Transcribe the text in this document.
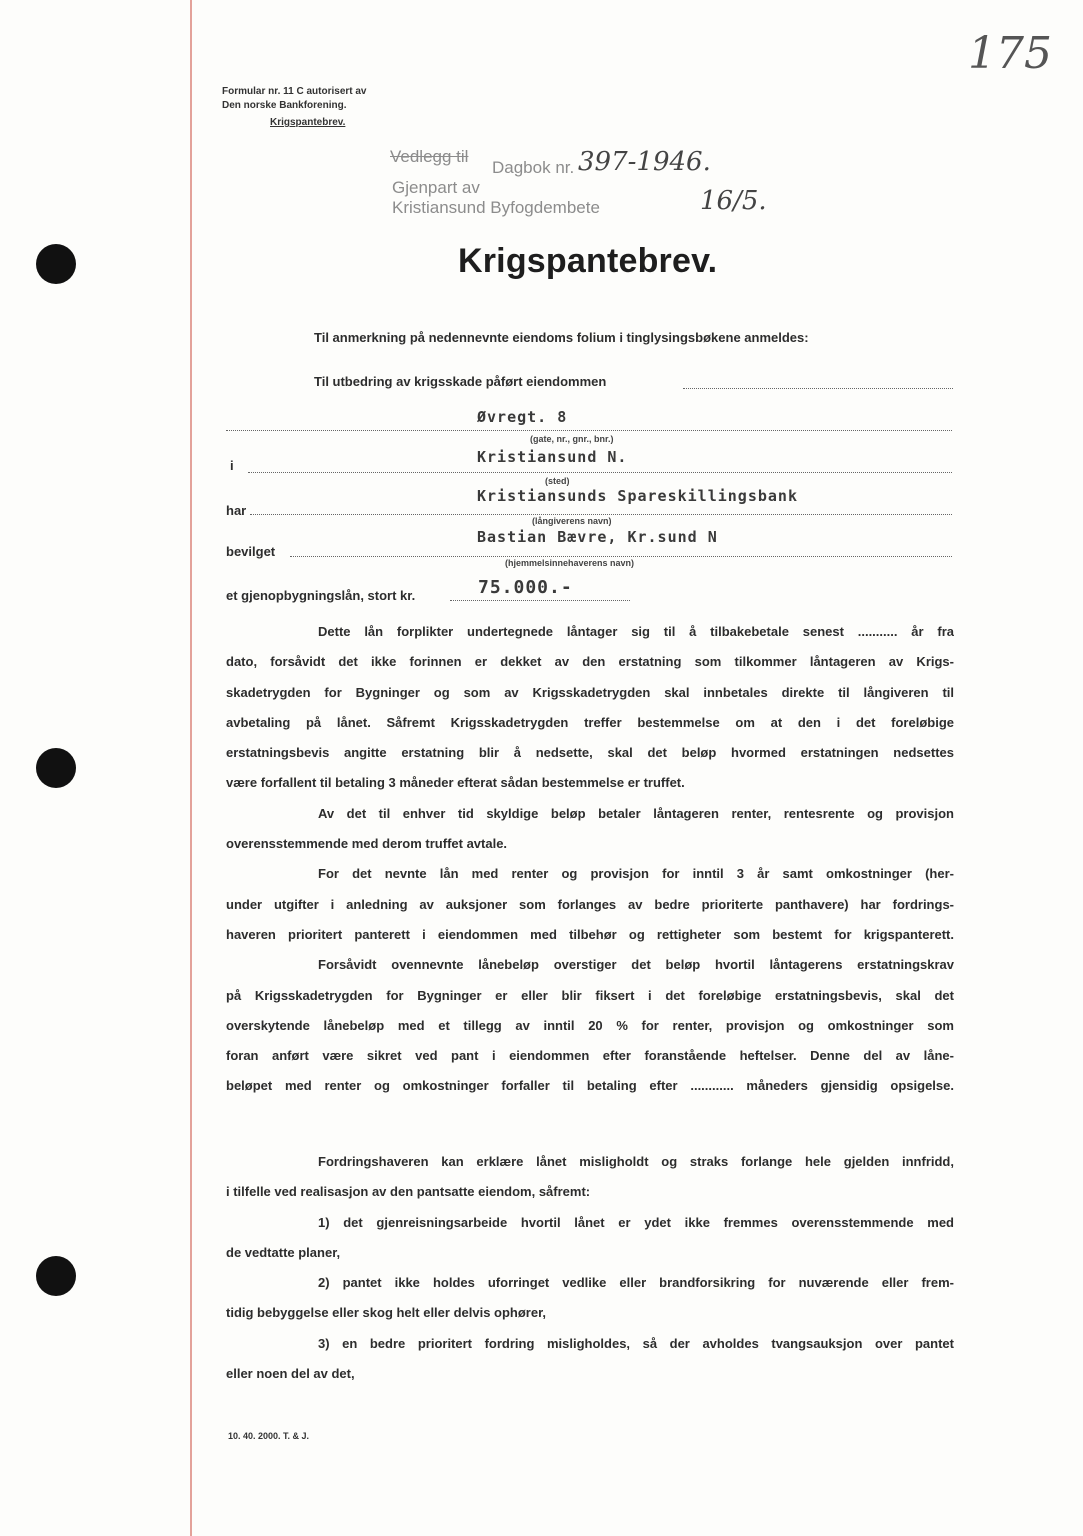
Formular nr. 11 C autorisert av
Den norske Bankforening.
Krigspantebrev.
175
Vedlegg til
Dagbok nr. 397-1946.
Gjenpart av
Kristiansund Byfogdembete	16/5.
Krigspantebrev.
Til anmerkning på nedennevnte eiendoms folium i tinglysingsbøkene anmeldes:
Til utbedring av krigsskade påført eiendommen
Øvregt. 8
(gate, nr., gnr., bnr.)
i	Kristiansund N.
(sted)
har
Kristiansunds Spareskillingsbank
(långiverens navn)
bevilget
Bastian Bævre, Kr.sund N
(hjemmelsinnehaverens navn)
et gjenopbygningslån, stort kr.	75.000.-
Dette lån forplikter undertegnede låntager sig til å tilbakebetale senest ........... år fra
dato, forsåvidt det ikke forinnen er dekket av den erstatning som tilkommer låntageren av Krigs-
skadetrygden for Bygninger og som av Krigsskadetrygden skal innbetales direkte til långiveren til
avbetaling på lånet. Såfremt Krigsskadetrygden treffer bestemmelse om at den i det foreløbige
erstatningsbevis angitte erstatning blir å nedsette, skal det beløp hvormed erstatningen nedsettes
være forfallent til betaling 3 måneder efterat sådan bestemmelse er truffet.
Av det til enhver tid skyldige beløp betaler låntageren renter, rentesrente og provisjon
overensstemmende med derom truffet avtale.
For det nevnte lån med renter og provisjon for inntil 3 år samt omkostninger (her-
under utgifter i anledning av auksjoner som forlanges av bedre prioriterte panthavere) har fordrings-
haveren prioritert panterett i eiendommen med tilbehør og rettigheter som bestemt for krigspanterett.
Forsåvidt ovennevnte lånebeløp overstiger det beløp hvortil låntagerens erstatningskrav
på Krigsskadetrygden for Bygninger er eller blir fiksert i det foreløbige erstatningsbevis, skal det
overskytende lånebeløp med et tillegg av inntil 20 % for renter, provisjon og omkostninger som
foran anført være sikret ved pant i eiendommen efter foranstående heftelser. Denne del av låne-
beløpet med renter og omkostninger forfaller til betaling efter ............ måneders gjensidig opsigelse.
Fordringshaveren kan erklære lånet misligholdt og straks forlange hele gjelden innfridd,
i tilfelle ved realisasjon av den pantsatte eiendom, såfremt:
1) det gjenreisningsarbeide hvortil lånet er ydet ikke fremmes overensstemmende med
de vedtatte planer,
2) pantet ikke holdes uforringet vedlike eller brandforsikring for nuværende eller frem-
tidig bebyggelse eller skog helt eller delvis ophører,
3) en bedre prioritert fordring misligholdes, så der avholdes tvangsauksjon over pantet
eller noen del av det,
10. 40. 2000. T. & J.
